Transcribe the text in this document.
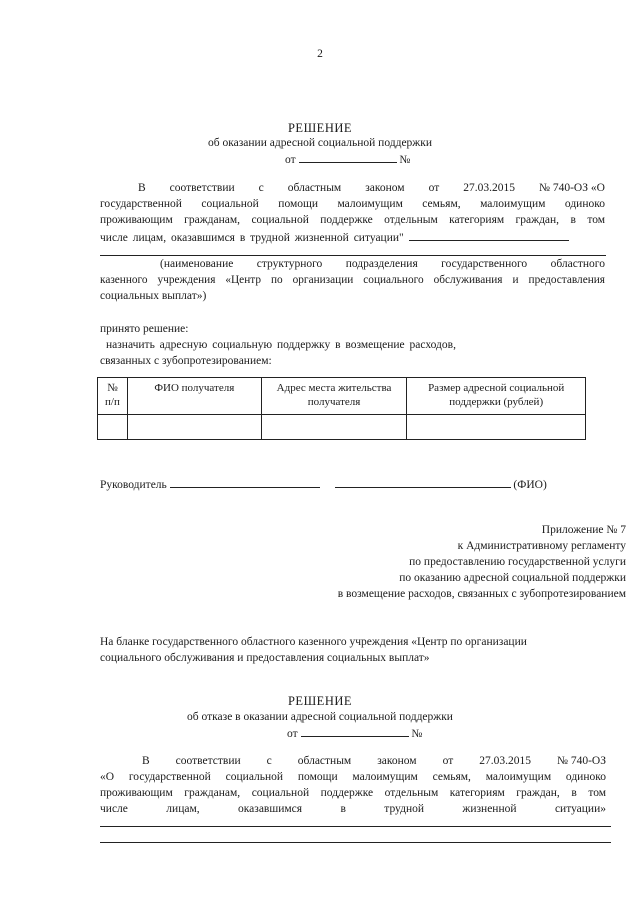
2
РЕШЕНИЕ
об оказании адресной социальной поддержки
от	№
В соответствии с областным законом от 27.03.2015 № 740-ОЗ «О
государственной социальной помощи малоимущим семьям, малоимущим одиноко
проживающим гражданам, социальной поддержке отдельным категориям граждан, в том
числе лицам, оказавшимся в трудной жизненной ситуации"
(наименование структурного подразделения государственного областного
казенного учреждения «Центр по организации социального обслуживания и предоставления
социальных выплат»)
принято решение:
назначить адресную социальную поддержку в возмещение расходов,
связанных с зубопротезированием:
№ п/п	ФИО получателя	Адрес места жительства получателя	Размер адресной социальной поддержки (рублей)

Руководитель	(ФИО)
Приложение № 7
к Административному регламенту
по предоставлению государственной услуги
по оказанию адресной социальной поддержки
в возмещение расходов, связанных с зубопротезированием
На бланке государственного областного казенного учреждения «Центр по организации
социального обслуживания и предоставления социальных выплат»
РЕШЕНИЕ
об отказе в оказании адресной социальной поддержки
от	№
В соответствии с областным законом от 27.03.2015 № 740-ОЗ
«О государственной социальной помощи малоимущим семьям, малоимущим одиноко
проживающим гражданам, социальной поддержке отдельным категориям граждан, в том
числе	лицам,	оказавшимся	в	трудной	жизненной	ситуации»
